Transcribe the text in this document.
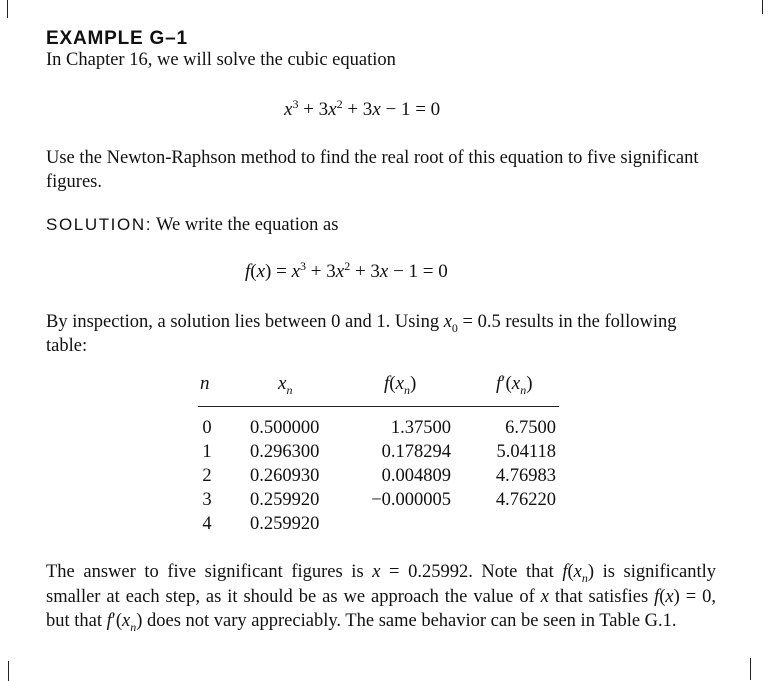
EXAMPLE G–1
In Chapter 16, we will solve the cubic equation
$x^3 + 3x^2 + 3x - 1 = 0$
Use the Newton-Raphson method to find the real root of this equation to five significant figures.
SOLUTION: We write the equation as
$f(x) = x^3 + 3x^2 + 3x - 1 = 0$
By inspection, a solution lies between 0 and 1. Using $x_0 = 0.5$ results in the following table:
n	$x_n$	$f(x_n)$	$f'(x_n)$
0 0.500000	1.37500	6.7500
1 0.296300	0.178294	5.04118
2 0.260930	0.004809	4.76983
3 0.259920	−0.000005	4.76220
4 0.259920
The answer to five significant figures is x = 0.25992. Note that $f(x_n)$ is significantly smaller at each step, as it should be as we approach the value of x that satisfies f(x) = 0, but that $f'(x_n)$ does not vary appreciably. The same behavior can be seen in Table G.1.
